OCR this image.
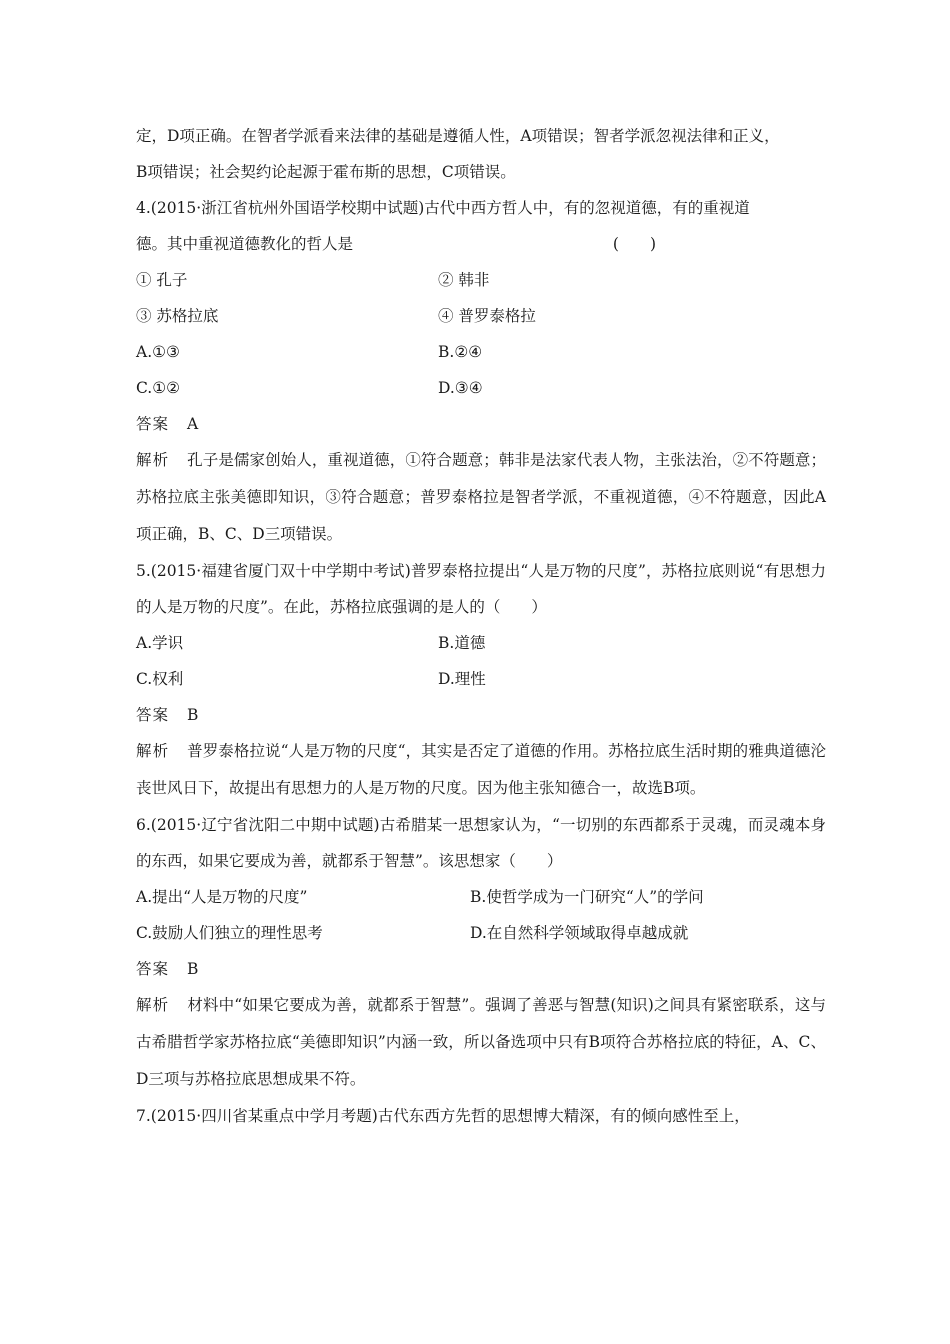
定，D项正确。在智者学派看来法律的基础是遵循人性，A项错误；智者学派忽视法律和正义，
B项错误；社会契约论起源于霍布斯的思想，C项错误。
4.(2015·浙江省杭州外国语学校期中试题)古代中西方哲人中，有的忽视道德，有的重视道
德。其中重视道德教化的哲人是	(　　)
① 孔子	② 韩非
③ 苏格拉底	④ 普罗泰格拉
A.①③	B.②④
C.①②	D.③④
答案 A
解析 孔子是儒家创始人，重视道德，①符合题意；韩非是法家代表人物，主张法治，②不符题意；苏格拉底主张美德即知识，③符合题意；普罗泰格拉是智者学派，不重视道德，④不符题意，因此A项正确，B、C、D三项错误。
5.(2015·福建省厦门双十中学期中考试)普罗泰格拉提出“人是万物的尺度”，苏格拉底则说“有思想力的人是万物的尺度”。在此，苏格拉底强调的是人的（　　）
A.学识	B.道德
C.权利	D.理性
答案 B
解析 普罗泰格拉说“人是万物的尺度“，其实是否定了道德的作用。苏格拉底生活时期的雅典道德沦丧世风日下，故提出有思想力的人是万物的尺度。因为他主张知德合一，故选B项。
6.(2015·辽宁省沈阳二中期中试题)古希腊某一思想家认为，“一切别的东西都系于灵魂，而灵魂本身的东西，如果它要成为善，就都系于智慧”。该思想家（　　）
A.提出“人是万物的尺度”	B.使哲学成为一门研究“人”的学问
C.鼓励人们独立的理性思考	D.在自然科学领域取得卓越成就
答案 B
解析 材料中“如果它要成为善，就都系于智慧”。强调了善恶与智慧(知识)之间具有紧密联系，这与古希腊哲学家苏格拉底“美德即知识”内涵一致，所以备选项中只有B项符合苏格拉底的特征，A、C、D三项与苏格拉底思想成果不符。
7.(2015·四川省某重点中学月考题)古代东西方先哲的思想博大精深，有的倾向感性至上，
